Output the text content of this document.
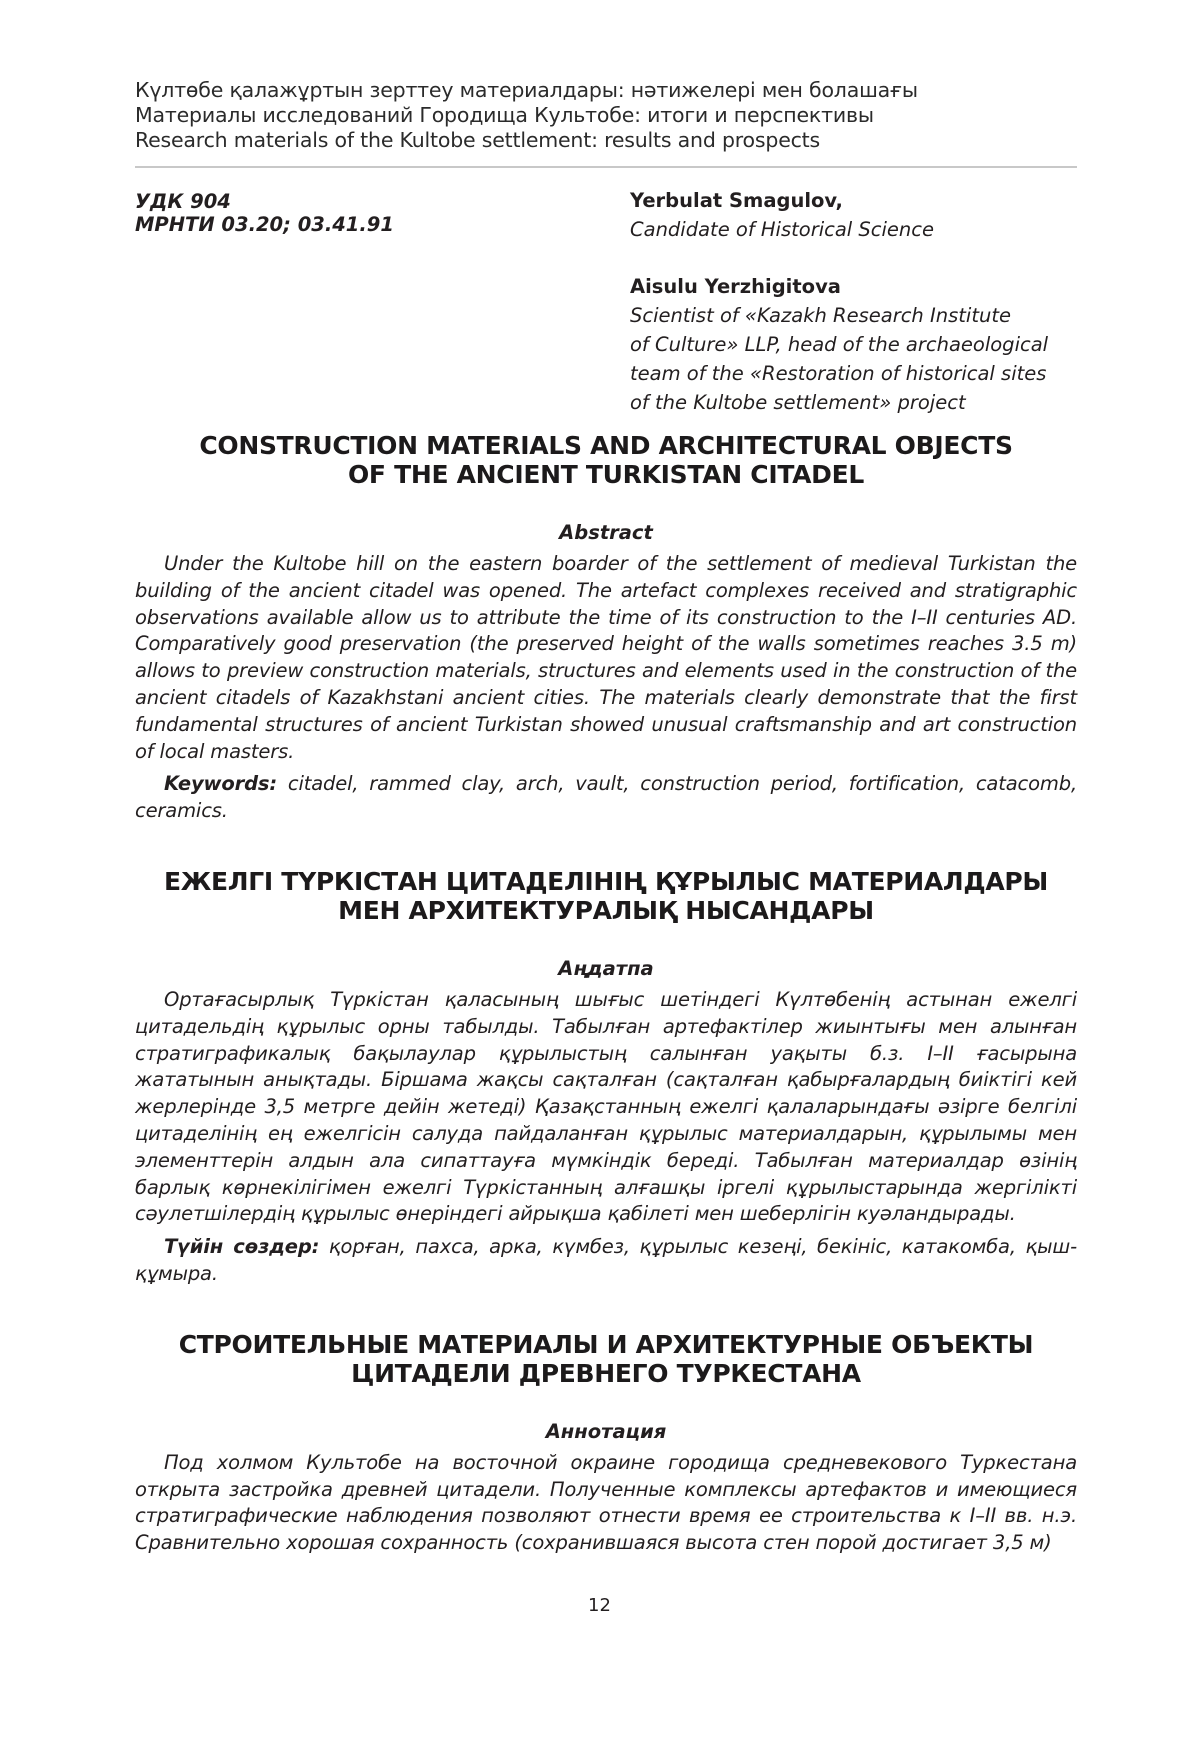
Күлтөбе қалажұртын зерттеу материалдары: нәтижелері мен болашағы
Материалы исследований Городища Культобе: итоги и перспективы
Research materials of the Kultobe settlement: results and prospects
УДК 904
МРНТИ 03.20; 03.41.91
Yerbulat Smagulov,
Candidate of Historical Science
Aisulu Yerzhigitova
Scientist of «Kazakh Research Institute
of Culture» LLP, head of the archaeological
team of the «Restoration of historical sites
of the Kultobe settlement» project
CONSTRUCTION MATERIALS AND ARCHITECTURAL OBJECTS
OF THE ANCIENT TURKISTAN CITADEL
Abstract

Under the Kultobe hill on the eastern boarder of the settlement of medieval Turkistan the building of the ancient citadel was opened. The artefact complexes received and stratigraphic observations available allow us to attribute the time of its construction to the I–II centuries AD. Comparatively good preservation (the preserved height of the walls sometimes reaches 3.5 m) allows to preview construction materials, structures and elements used in the construction of the ancient citadels of Kazakhstani ancient cities. The materials clearly demonstrate that the first fundamental structures of ancient Turkistan showed unusual craftsmanship and art construction of local masters.

Keywords: citadel, rammed clay, arch, vault, construction period, fortification, catacomb, ceramics.

ЕЖЕЛГІ ТҮРКІСТАН ЦИТАДЕЛІНІҢ ҚҰРЫЛЫС МАТЕРИАЛДАРЫ
МЕН АРХИТЕКТУРАЛЫҚ НЫСАНДАРЫ
Аңдатпа

Ортағасырлық Түркістан қаласының шығыс шетіндегі Күлтөбенің астынан ежелгі цитадельдің құрылыс орны табылды. Табылған артефактілер жиынтығы мен алынған стратиграфикалық бақылаулар құрылыстың салынған уақыты б.з. І–ІІ ғасырына жататынын анықтады. Біршама жақсы сақталған (сақталған қабырғалардың биіктігі кей жерлерінде 3,5 метрге дейін жетеді) Қазақстанның ежелгі қалаларындағы әзірге белгілі цитаделінің ең ежелгісін салуда пайдаланған құрылыс материалдарын, құрылымы мен элементтерін алдын ала сипаттауға мүмкіндік береді. Табылған материалдар өзінің барлық көрнекілігімен ежелгі Түркістанның алғашқы іргелі құрылыстарында жергілікті сәулетшілердің құрылыс өнеріндегі айрықша қабілеті мен шеберлігін куәландырады.

Түйін сөздер: қорған, пахса, арка, күмбез, құрылыс кезеңі, бекініс, катакомба, қыш-құмыра.

СТРОИТЕЛЬНЫЕ МАТЕРИАЛЫ И АРХИТЕКТУРНЫЕ ОБЪЕКТЫ
ЦИТАДЕЛИ ДРЕВНЕГО ТУРКЕСТАНА
Аннотация

Под холмом Культобе на восточной окраине городища средневекового Туркестана открыта застройка древней цитадели. Полученные комплексы артефактов и имеющиеся стратиграфические наблюдения позволяют отнести время ее строительства к I–II вв. н.э. Сравнительно хорошая сохранность (сохранившаяся высота стен порой достигает 3,5 м)

12
